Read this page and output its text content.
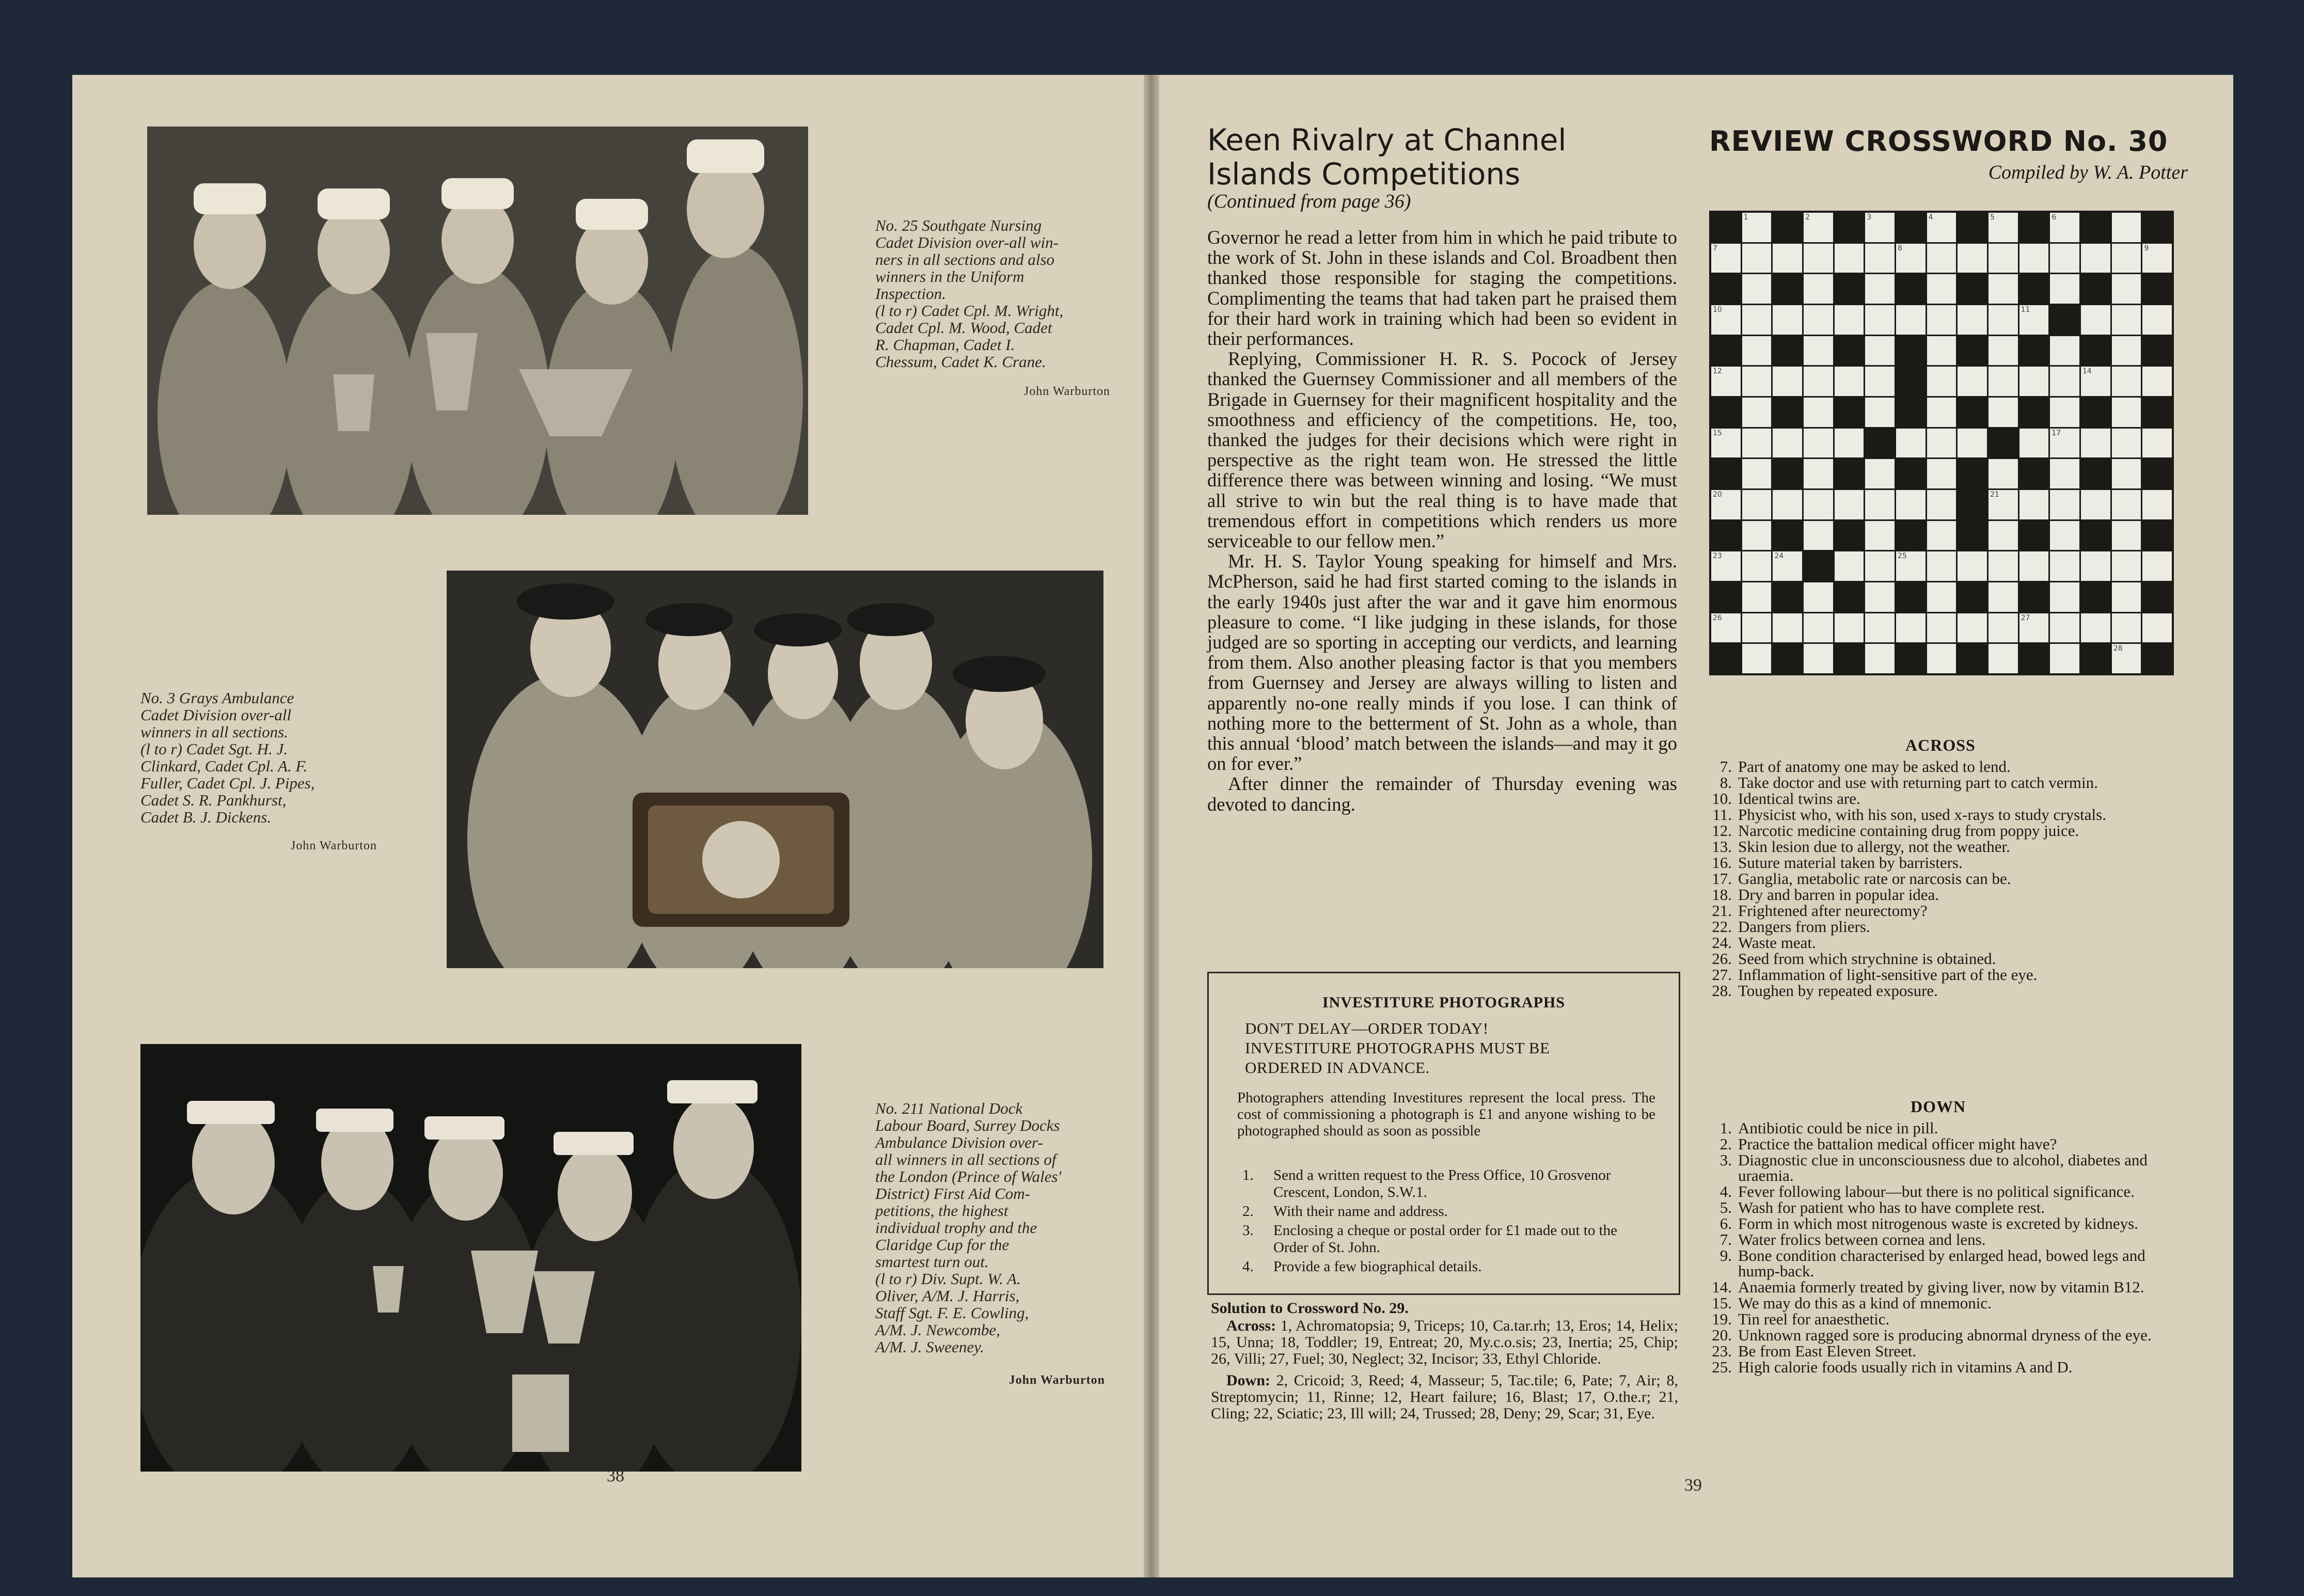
No. 25 Southgate Nursing
Cadet Division over-all win-
ners in all sections and also
winners in the Uniform
Inspection.
(l to r) Cadet Cpl. M. Wright,
Cadet Cpl. M. Wood, Cadet
R. Chapman, Cadet I.
Chessum, Cadet K. Crane.
John Warburton
No. 3 Grays Ambulance
Cadet Division over-all
winners in all sections.
(l to r) Cadet Sgt. H. J.
Clinkard, Cadet Cpl. A. F.
Fuller, Cadet Cpl. J. Pipes,
Cadet S. R. Pankhurst,
Cadet B. J. Dickens.
John Warburton
No. 211 National Dock
Labour Board, Surrey Docks
Ambulance Division over-
all winners in all sections of
the London (Prince of Wales'
District) First Aid Com-
petitions, the highest
individual trophy and the
Claridge Cup for the
smartest turn out.
(l to r) Div. Supt. W. A.
Oliver, A/M. J. Harris,
Staff Sgt. F. E. Cowling,
A/M. J. Newcombe,
A/M. J. Sweeney.
John Warburton
38
Keen Rivalry at Channel
Islands Competitions
(Continued from page 36)

Governor he read a letter from him in which he paid tribute to the work of St. John in these islands and Col. Broadbent then thanked those responsible for staging the competitions. Complimenting the teams that had taken part he praised them for their hard work in training which had been so evident in their performances.

Replying, Commissioner H. R. S. Pocock of Jersey thanked the Guernsey Commissioner and all members of the Brigade in Guernsey for their magnificent hospitality and the smoothness and efficiency of the competitions. He, too, thanked the judges for their decisions which were right in perspective as the right team won. He stressed the little difference there was between winning and losing. “We must all strive to win but the real thing is to have made that tremendous effort in competitions which renders us more serviceable to our fellow men.”

Mr. H. S. Taylor Young speaking for himself and Mrs. McPherson, said he had first started coming to the islands in the early 1940s just after the war and it gave him enormous pleasure to come. “I like judging in these islands, for those judged are so sporting in accepting our verdicts, and learning from them. Also another pleasing factor is that you members from Guernsey and Jersey are always willing to listen and apparently no-one really minds if you lose. I can think of nothing more to the betterment of St. John as a whole, than this annual ‘blood’ match between the islands—and may it go on for ever.”

After dinner the remainder of Thursday evening was devoted to dancing.

INVESTITURE PHOTOGRAPHS
DON'T DELAY—ORDER TODAY!
INVESTITURE PHOTOGRAPHS MUST BE
ORDERED IN ADVANCE.
Photographers attending Investitures represent the local press. The cost of commissioning a photograph is £1 and anyone wishing to be photographed should as soon as possible
1. Send a written request to the Press Office, 10 Grosvenor Crescent, London, S.W.1.
2. With their name and address.
3. Enclosing a cheque or postal order for £1 made out to the Order of St. John.
4. Provide a few biographical details.
Solution to Crossword No. 29.
Across: 1, Achromatopsia; 9, Triceps; 10, Ca.tar.rh; 13, Eros; 14, Helix; 15, Unna; 18, Toddler; 19, Entreat; 20, My.c.o.sis; 23, Inertia; 25, Chip; 26, Villi; 27, Fuel; 30, Neglect; 32, Incisor; 33, Ethyl Chloride.
Down: 2, Cricoid; 3, Reed; 4, Masseur; 5, Tac.tile; 6, Pate; 7, Air; 8, Streptomycin; 11, Rinne; 12, Heart failure; 16, Blast; 17, O.the.r; 21, Cling; 22, Sciatic; 23, Ill will; 24, Trussed; 28, Deny; 29, Scar; 31, Eye.
39
REVIEW CROSSWORD No. 30
Compiled by W. A. Potter
1	2	3	4	5	6
7	8	9
10	11
12	14
15	17
20	21
23	24	25
26	27
28
ACROSS
7. Part of anatomy one may be asked to lend.
8. Take doctor and use with returning part to catch vermin.
10. Identical twins are.
11. Physicist who, with his son, used x-rays to study crystals.
12. Narcotic medicine containing drug from poppy juice.
13. Skin lesion due to allergy, not the weather.
16. Suture material taken by barristers.
17. Ganglia, metabolic rate or narcosis can be.
18. Dry and barren in popular idea.
21. Frightened after neurectomy?
22. Dangers from pliers.
24. Waste meat.
26. Seed from which strychnine is obtained.
27. Inflammation of light-sensitive part of the eye.
28. Toughen by repeated exposure.
DOWN
1. Antibiotic could be nice in pill.
2. Practice the battalion medical officer might have?
3. Diagnostic clue in unconsciousness due to alcohol, diabetes and uraemia.
4. Fever following labour—but there is no political significance.
5. Wash for patient who has to have complete rest.
6. Form in which most nitrogenous waste is excreted by kidneys.
7. Water frolics between cornea and lens.
9. Bone condition characterised by enlarged head, bowed legs and hump-back.
14. Anaemia formerly treated by giving liver, now by vitamin B12.
15. We may do this as a kind of mnemonic.
19. Tin reel for anaesthetic.
20. Unknown ragged sore is producing abnormal dryness of the eye.
23. Be from East Eleven Street.
25. High calorie foods usually rich in vitamins A and D.
